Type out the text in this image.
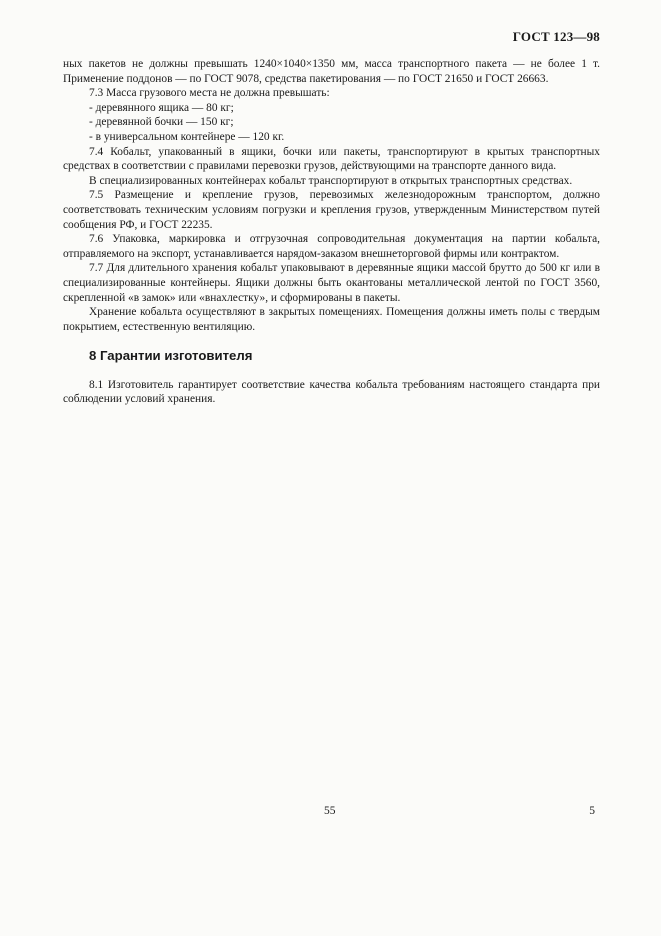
ГОСТ 123—98

ных пакетов не должны превышать 1240×1040×1350 мм, масса транспортного пакета — не более 1 т. Применение поддонов — по ГОСТ 9078, средства пакетирования — по ГОСТ 21650 и ГОСТ 26663.

7.3 Масса грузового места не должна превышать:

- деревянного ящика — 80 кг;

- деревянной бочки — 150 кг;

- в универсальном контейнере — 120 кг.

7.4 Кобальт, упакованный в ящики, бочки или пакеты, транспортируют в крытых транспортных средствах в соответствии с правилами перевозки грузов, действующими на транспорте данного вида.

В специализированных контейнерах кобальт транспортируют в открытых транспортных средствах.

7.5 Размещение и крепление грузов, перевозимых железнодорожным транспортом, должно соответствовать техническим условиям погрузки и крепления грузов, утвержденным Министерством путей сообщения РФ, и ГОСТ 22235.

7.6 Упаковка, маркировка и отгрузочная сопроводительная документация на партии кобальта, отправляемого на экспорт, устанавливается нарядом-заказом внешнеторговой фирмы или контрактом.

7.7 Для длительного хранения кобальт упаковывают в деревянные ящики массой брутто до 500 кг или в специализированные контейнеры. Ящики должны быть окантованы металлической лентой по ГОСТ 3560, скрепленной «в замок» или «внахлестку», и сформированы в пакеты.

Хранение кобальта осуществляют в закрытых помещениях. Помещения должны иметь полы с твердым покрытием, естественную вентиляцию.

8 Гарантии изготовителя

8.1 Изготовитель гарантирует соответствие качества кобальта требованиям настоящего стандарта при соблюдении условий хранения.

55	5
